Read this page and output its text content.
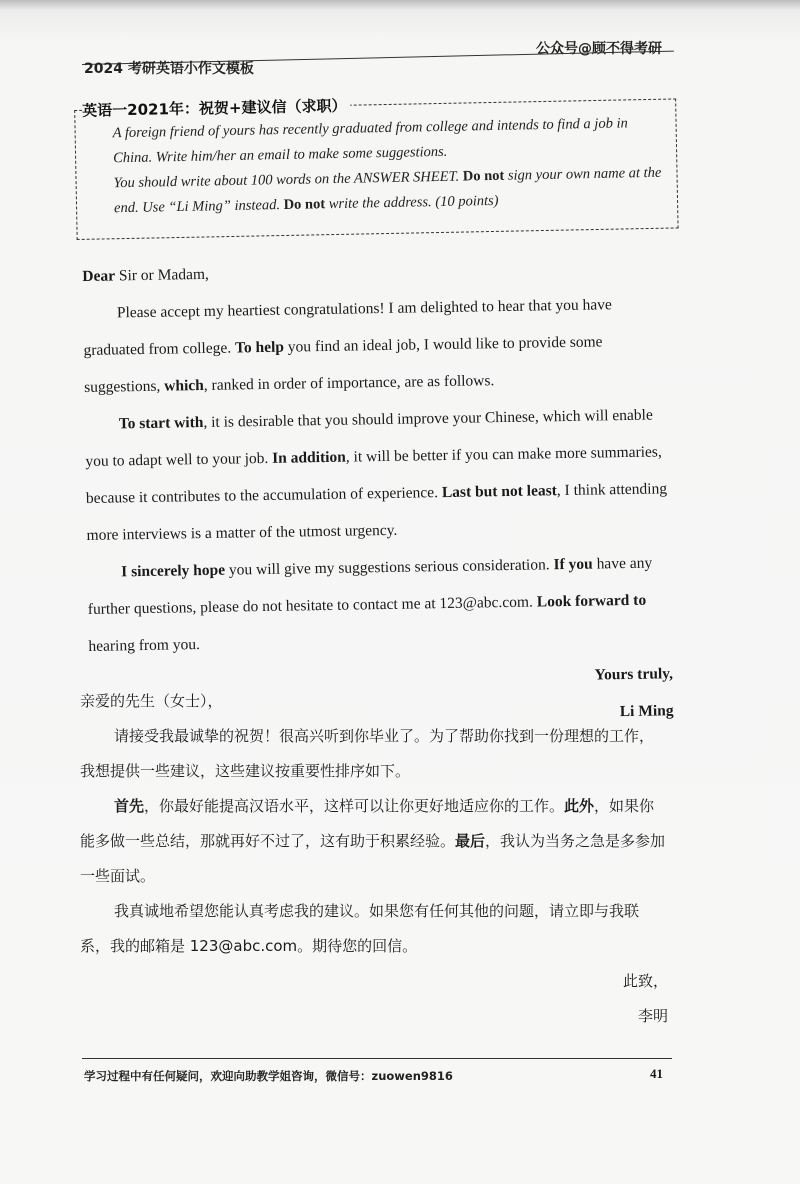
公众号@顾不得考研
2024 考研英语小作文模板
英语一2021年：祝贺+建议信（求职）

A foreign friend of yours has recently graduated from college and intends to find a job in China. Write him/her an email to make some suggestions.

You should write about 100 words on the ANSWER SHEET. Do not sign your own name at the end. Use “Li Ming” instead. Do not write the address. (10 points)

Dear Sir or Madam,

Please accept my heartiest congratulations! I am delighted to hear that you have graduated from college. To help you find an ideal job, I would like to provide some suggestions, which, ranked in order of importance, are as follows.

To start with, it is desirable that you should improve your Chinese, which will enable you to adapt well to your job. In addition, it will be better if you can make more summaries, because it contributes to the accumulation of experience. Last but not least, I think attending more interviews is a matter of the utmost urgency.

I sincerely hope you will give my suggestions serious consideration. If you have any further questions, please do not hesitate to contact me at 123@abc.com. Look forward to hearing from you.

Yours truly,

Li Ming

亲爱的先生（女士），

请接受我最诚挚的祝贺！很高兴听到你毕业了。为了帮助你找到一份理想的工作，我想提供一些建议，这些建议按重要性排序如下。

首先，你最好能提高汉语水平，这样可以让你更好地适应你的工作。此外，如果你能多做一些总结，那就再好不过了，这有助于积累经验。最后，我认为当务之急是多参加一些面试。

我真诚地希望您能认真考虑我的建议。如果您有任何其他的问题，请立即与我联系，我的邮箱是 123@abc.com。期待您的回信。

此致，

李明

学习过程中有任何疑问，欢迎向助教学姐咨询，微信号：zuowen9816	41
